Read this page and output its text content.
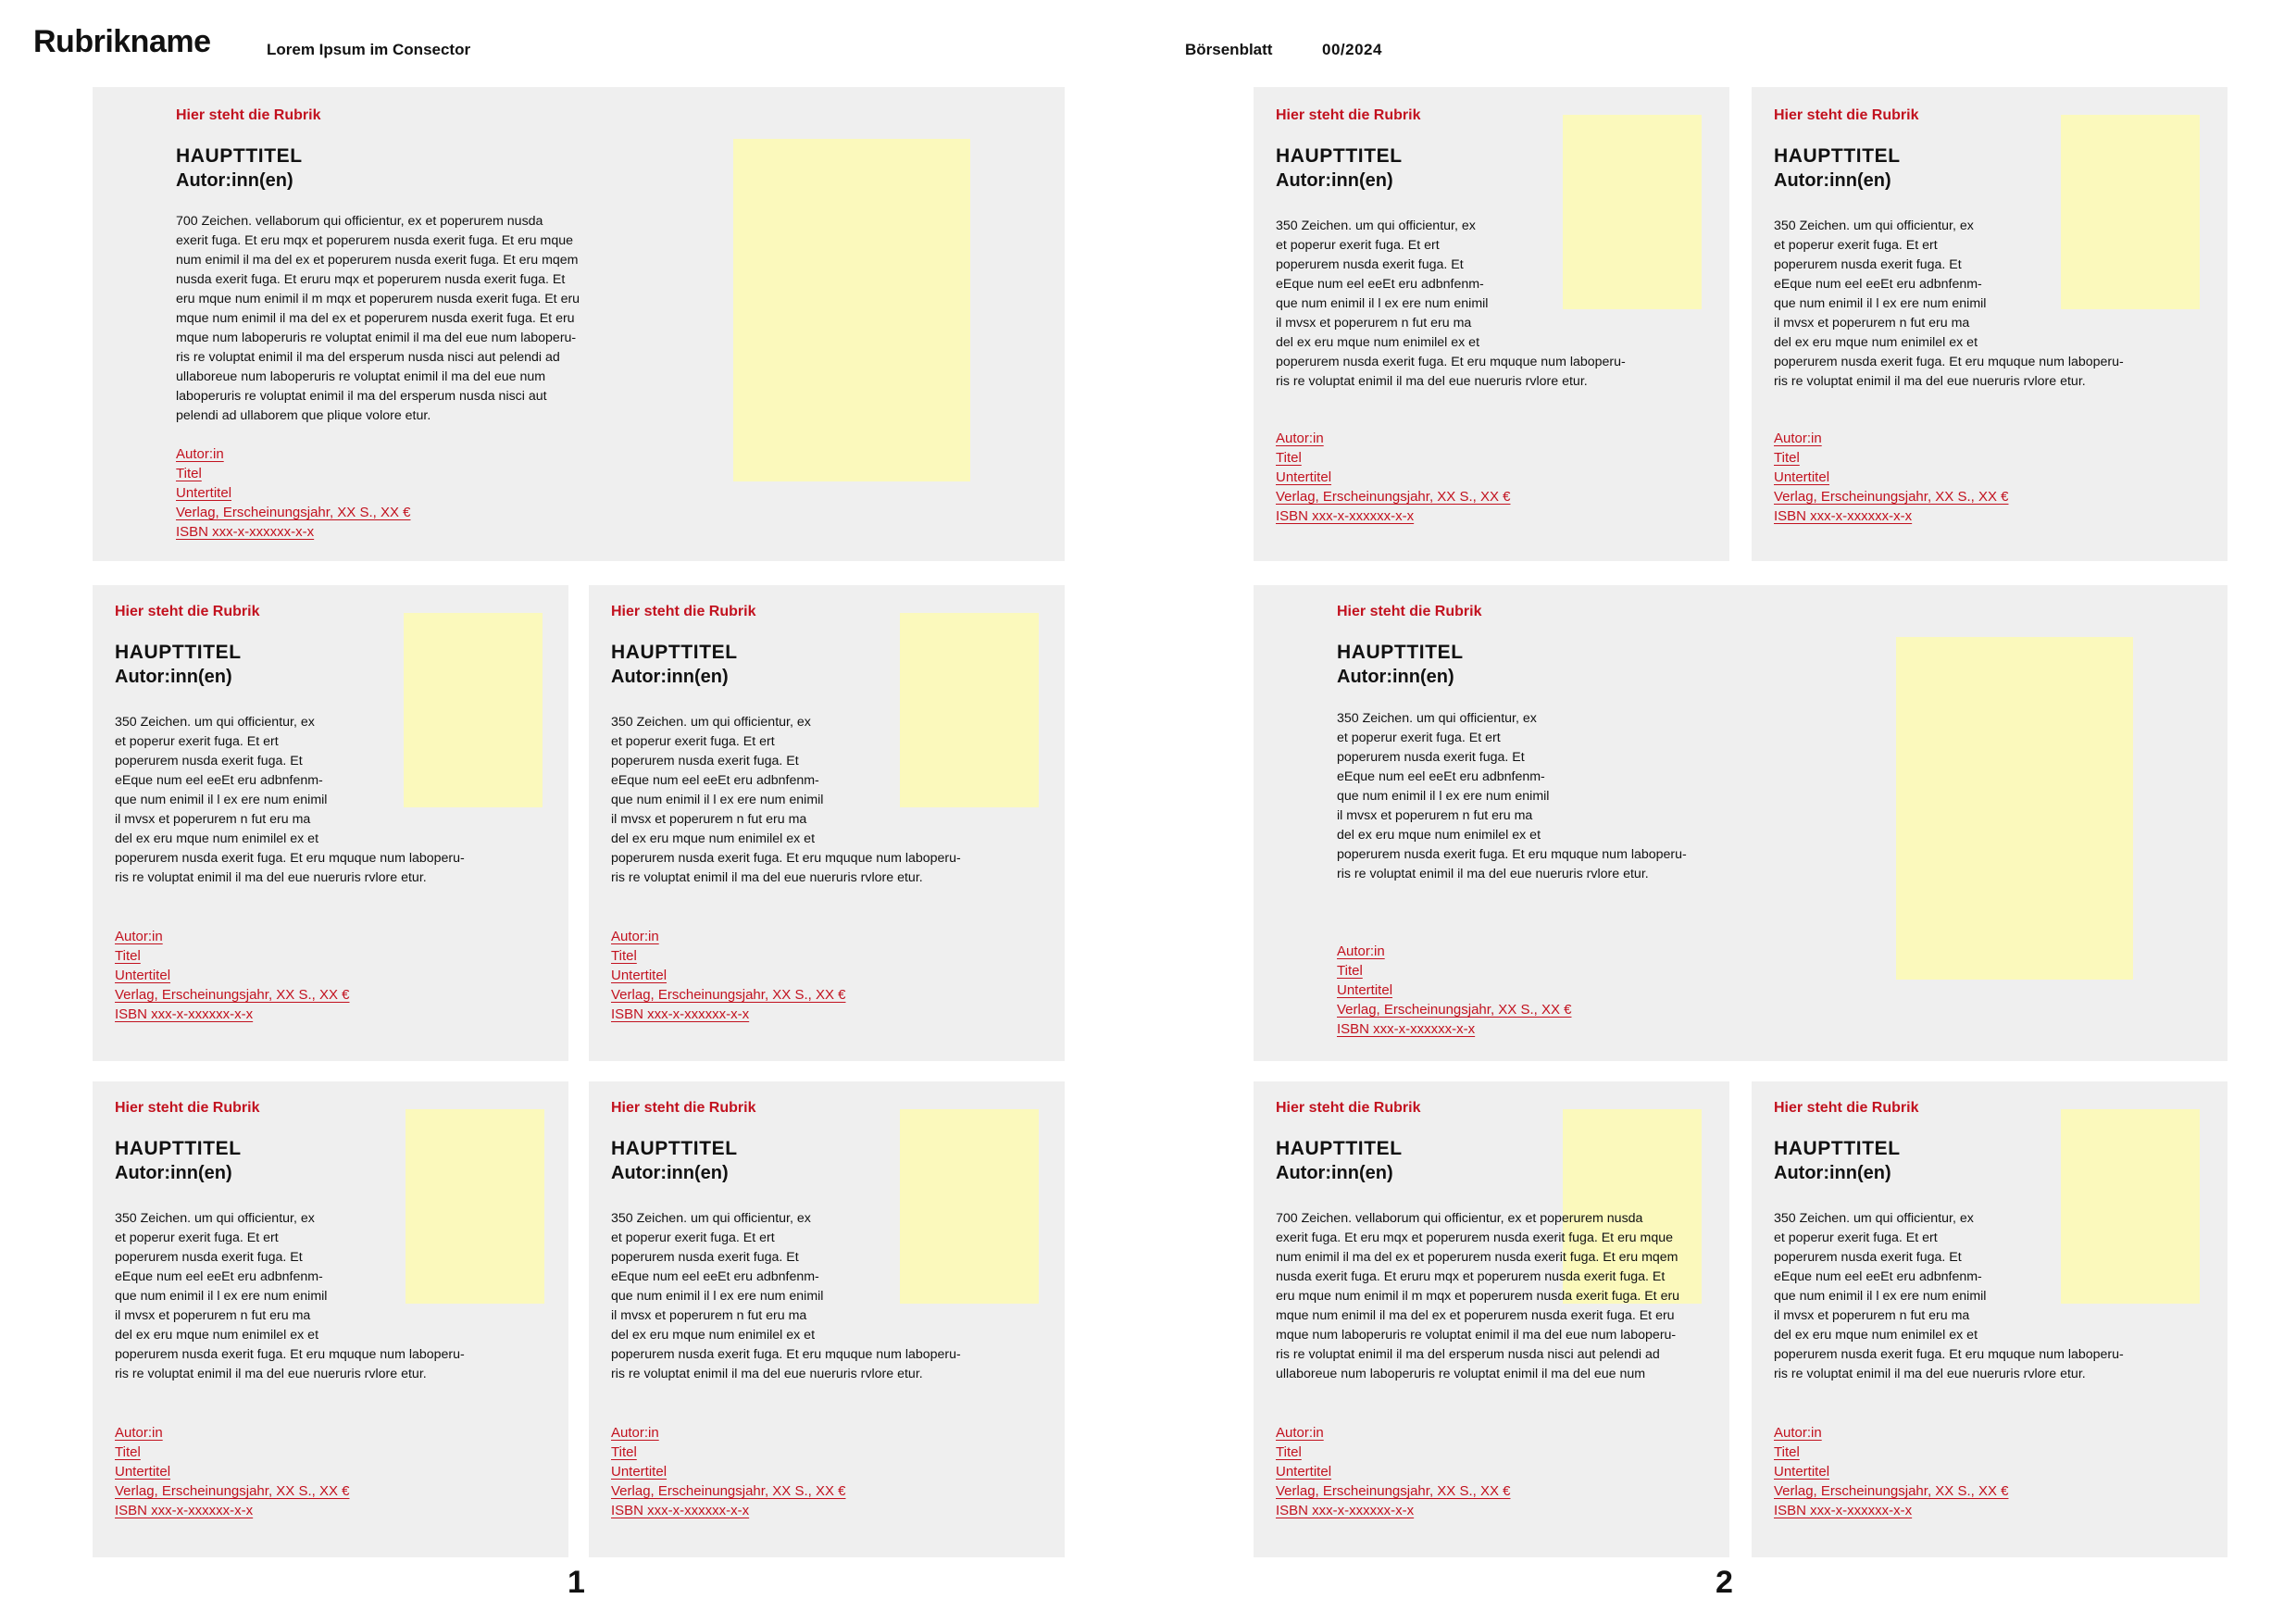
Rubrikname	Lorem Ipsum im Consector	Börsenblatt	00/2024
Hier steht die Rubrik
HAUPTTITEL
Autor:inn(en)

700 Zeichen. vellaborum qui officientur, ex et poperurem nusda
exerit fuga. Et eru mqx et poperurem nusda exerit fuga. Et eru mque
num enimil il ma del ex et poperurem nusda exerit fuga. Et eru mqem
nusda exerit fuga. Et eruru mqx et poperurem nusda exerit fuga. Et
eru mque num enimil il m mqx et poperurem nusda exerit fuga. Et eru
mque num enimil il ma del ex et poperurem nusda exerit fuga. Et eru
mque num laboperuris re voluptat enimil il ma del eue num laboperu-
ris re voluptat enimil il ma del ersperum nusda nisci aut pelendi ad
ullaboreue num laboperuris re voluptat enimil il ma del eue num
laboperuris re voluptat enimil il ma del ersperum nusda nisci aut
pelendi ad ullaborem que plique volore etur.

Autor:in
Titel
Untertitel
Verlag, Erscheinungsjahr, XX S., XX €
ISBN xxx-x-xxxxxx-x-x
Hier steht die Rubrik
HAUPTTITEL
Autor:inn(en)

350 Zeichen. um qui officientur, ex
et poperur exerit fuga. Et ert
poperurem nusda exerit fuga. Et
eEque num eel eeEt eru adbnfenm-
que num enimil il l ex ere num enimil
il mvsx et poperurem n fut eru ma
del ex eru mque num enimilel ex et
poperurem nusda exerit fuga. Et eru mquque num laboperu-
ris re voluptat enimil il ma del eue nueruris rvlore etur.

Autor:in
Titel
Untertitel
Verlag, Erscheinungsjahr, XX S., XX €
ISBN xxx-x-xxxxxx-x-x
Hier steht die Rubrik
HAUPTTITEL
Autor:inn(en)

350 Zeichen. um qui officientur, ex
et poperur exerit fuga. Et ert
poperurem nusda exerit fuga. Et
eEque num eel eeEt eru adbnfenm-
que num enimil il l ex ere num enimil
il mvsx et poperurem n fut eru ma
del ex eru mque num enimilel ex et
poperurem nusda exerit fuga. Et eru mquque num laboperu-
ris re voluptat enimil il ma del eue nueruris rvlore etur.

Autor:in
Titel
Untertitel
Verlag, Erscheinungsjahr, XX S., XX €
ISBN xxx-x-xxxxxx-x-x
Hier steht die Rubrik
HAUPTTITEL
Autor:inn(en)

350 Zeichen. um qui officientur, ex
et poperur exerit fuga. Et ert
poperurem nusda exerit fuga. Et
eEque num eel eeEt eru adbnfenm-
que num enimil il l ex ere num enimil
il mvsx et poperurem n fut eru ma
del ex eru mque num enimilel ex et
poperurem nusda exerit fuga. Et eru mquque num laboperu-
ris re voluptat enimil il ma del eue nueruris rvlore etur.

Autor:in
Titel
Untertitel
Verlag, Erscheinungsjahr, XX S., XX €
ISBN xxx-x-xxxxxx-x-x
Hier steht die Rubrik
HAUPTTITEL
Autor:inn(en)

350 Zeichen. um qui officientur, ex
et poperur exerit fuga. Et ert
poperurem nusda exerit fuga. Et
eEque num eel eeEt eru adbnfenm-
que num enimil il l ex ere num enimil
il mvsx et poperurem n fut eru ma
del ex eru mque num enimilel ex et
poperurem nusda exerit fuga. Et eru mquque num laboperu-
ris re voluptat enimil il ma del eue nueruris rvlore etur.

Autor:in
Titel
Untertitel
Verlag, Erscheinungsjahr, XX S., XX €
ISBN xxx-x-xxxxxx-x-x
Hier steht die Rubrik
HAUPTTITEL
Autor:inn(en)

350 Zeichen. um qui officientur, ex
et poperur exerit fuga. Et ert
poperurem nusda exerit fuga. Et
eEque num eel eeEt eru adbnfenm-
que num enimil il l ex ere num enimil
il mvsx et poperurem n fut eru ma
del ex eru mque num enimilel ex et
poperurem nusda exerit fuga. Et eru mquque num laboperu-
ris re voluptat enimil il ma del eue nueruris rvlore etur.

Autor:in
Titel
Untertitel
Verlag, Erscheinungsjahr, XX S., XX €
ISBN xxx-x-xxxxxx-x-x
Hier steht die Rubrik
HAUPTTITEL
Autor:inn(en)

350 Zeichen. um qui officientur, ex
et poperur exerit fuga. Et ert
poperurem nusda exerit fuga. Et
eEque num eel eeEt eru adbnfenm-
que num enimil il l ex ere num enimil
il mvsx et poperurem n fut eru ma
del ex eru mque num enimilel ex et
poperurem nusda exerit fuga. Et eru mquque num laboperu-
ris re voluptat enimil il ma del eue nueruris rvlore etur.

Autor:in
Titel
Untertitel
Verlag, Erscheinungsjahr, XX S., XX €
ISBN xxx-x-xxxxxx-x-x
Hier steht die Rubrik
HAUPTTITEL
Autor:inn(en)

350 Zeichen. um qui officientur, ex
et poperur exerit fuga. Et ert
poperurem nusda exerit fuga. Et
eEque num eel eeEt eru adbnfenm-
que num enimil il l ex ere num enimil
il mvsx et poperurem n fut eru ma
del ex eru mque num enimilel ex et
poperurem nusda exerit fuga. Et eru mquque num laboperu-
ris re voluptat enimil il ma del eue nueruris rvlore etur.

Autor:in
Titel
Untertitel
Verlag, Erscheinungsjahr, XX S., XX €
ISBN xxx-x-xxxxxx-x-x
Hier steht die Rubrik
HAUPTTITEL
Autor:inn(en)

700 Zeichen. vellaborum qui officientur, ex et poperurem nusda
exerit fuga. Et eru mqx et poperurem nusda exerit fuga. Et eru mque
num enimil il ma del ex et poperurem nusda exerit fuga. Et eru mqem
nusda exerit fuga. Et eruru mqx et poperurem nusda exerit fuga. Et
eru mque num enimil il m mqx et poperurem nusda exerit fuga. Et eru
mque num enimil il ma del ex et poperurem nusda exerit fuga. Et eru
mque num laboperuris re voluptat enimil il ma del eue num laboperu-
ris re voluptat enimil il ma del ersperum nusda nisci aut pelendi ad
ullaboreue num laboperuris re voluptat enimil il ma del eue num

Autor:in
Titel
Untertitel
Verlag, Erscheinungsjahr, XX S., XX €
ISBN xxx-x-xxxxxx-x-x
Hier steht die Rubrik
HAUPTTITEL
Autor:inn(en)

350 Zeichen. um qui officientur, ex
et poperur exerit fuga. Et ert
poperurem nusda exerit fuga. Et
eEque num eel eeEt eru adbnfenm-
que num enimil il l ex ere num enimil
il mvsx et poperurem n fut eru ma
del ex eru mque num enimilel ex et
poperurem nusda exerit fuga. Et eru mquque num laboperu-
ris re voluptat enimil il ma del eue nueruris rvlore etur.

Autor:in
Titel
Untertitel
Verlag, Erscheinungsjahr, XX S., XX €
ISBN xxx-x-xxxxxx-x-x
1	2
